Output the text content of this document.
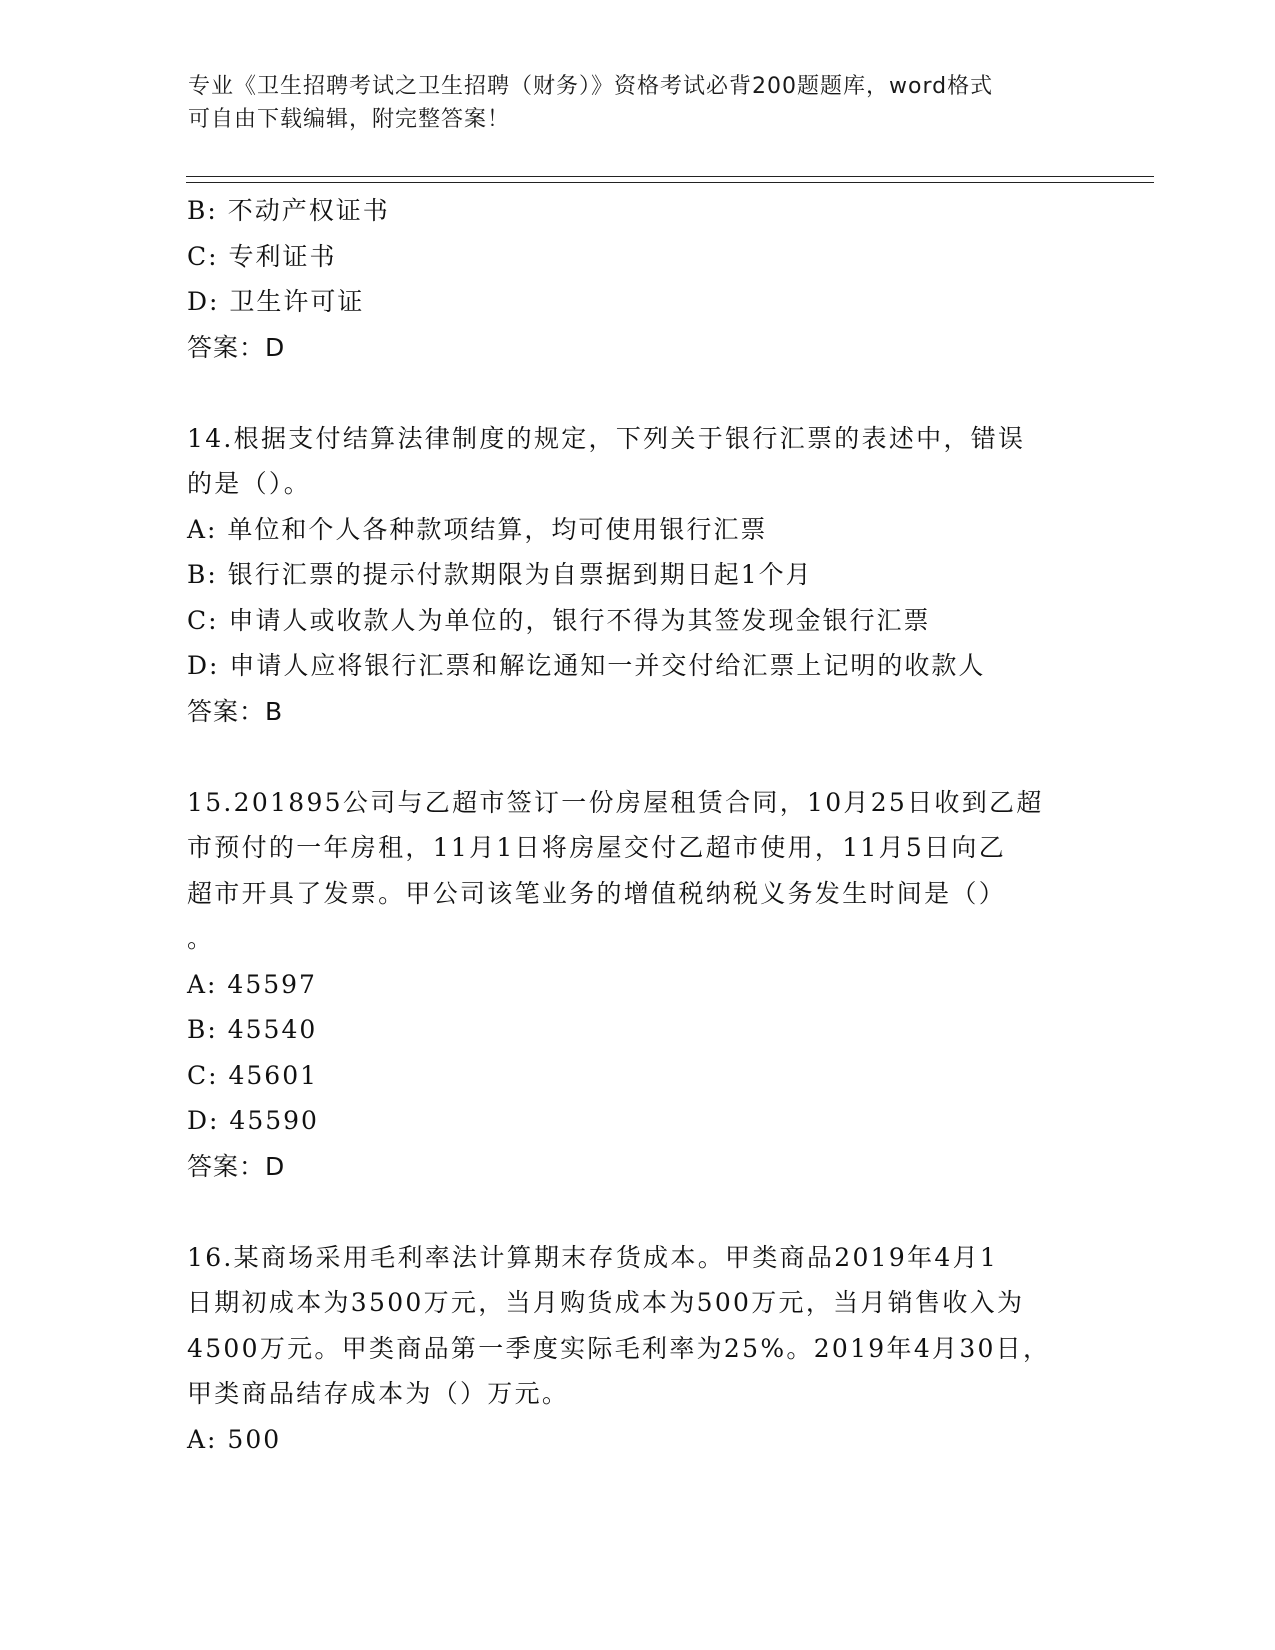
专业《卫生招聘考试之卫生招聘（财务）》资格考试必背200题题库，word格式
可自由下载编辑，附完整答案！
B: 不动产权证书
C: 专利证书
D: 卫生许可证
答案：D
14.根据支付结算法律制度的规定，下列关于银行汇票的表述中，错误
的是（）。
A: 单位和个人各种款项结算，均可使用银行汇票
B: 银行汇票的提示付款期限为自票据到期日起1个月
C: 申请人或收款人为单位的，银行不得为其签发现金银行汇票
D: 申请人应将银行汇票和解讫通知一并交付给汇票上记明的收款人
答案：B
15.201895公司与乙超市签订一份房屋租赁合同，10月25日收到乙超
市预付的一年房租，11月1日将房屋交付乙超市使用，11月5日向乙
超市开具了发票。甲公司该笔业务的增值税纳税义务发生时间是（）
。
A: 45597
B: 45540
C: 45601
D: 45590
答案：D
16.某商场采用毛利率法计算期末存货成本。甲类商品2019年4月1
日期初成本为3500万元，当月购货成本为500万元，当月销售收入为
4500万元。甲类商品第一季度实际毛利率为25%。2019年4月30日，
甲类商品结存成本为（）万元。
A: 500
